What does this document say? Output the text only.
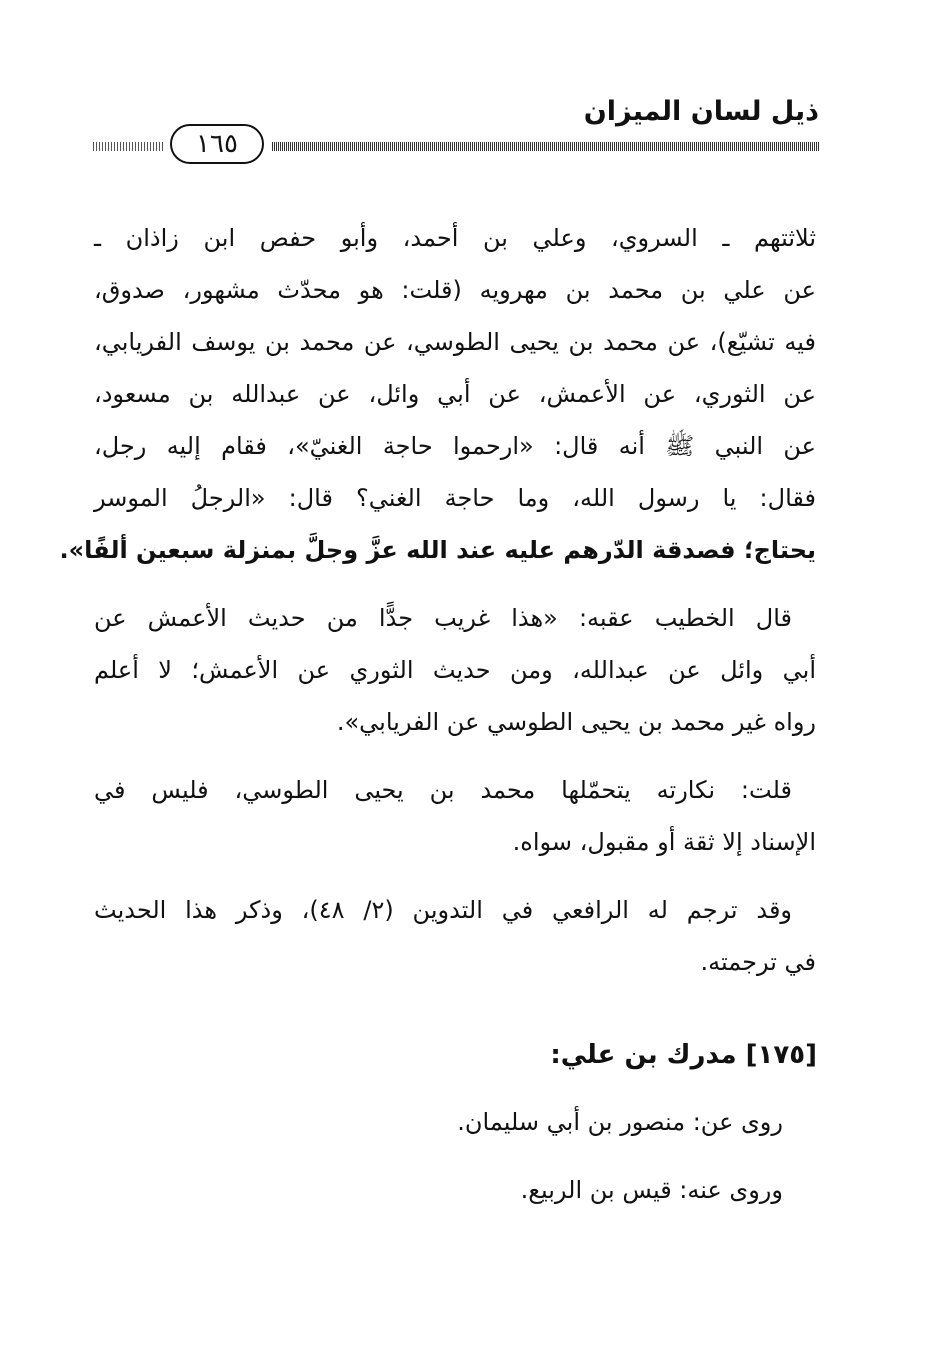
ذيل لسان الميزان
١٦٥

ثلاثتهم ـ السروي، وعلي بن أحمد، وأبو حفص ابن زاذان ـ
عن علي بن محمد بن مهرويه (قلت: هو محدّث مشهور، صدوق،
فيه تشيّع)، عن محمد بن يحيى الطوسي، عن محمد بن يوسف الفريابي،
عن الثوري، عن الأعمش، عن أبي وائل، عن عبدالله بن مسعود،
عن النبي ﷺ أنه قال: «ارحموا حاجة الغنيّ»، فقام إليه رجل،
فقال: يا رسول الله، وما حاجة الغني؟ قال: «الرجلُ الموسر
يحتاج؛ فصدقة الدّرهم عليه عند الله عزَّ وجلَّ بمنزلة سبعين ألفًا».

قال الخطيب عقبه: «هذا غريب جدًّا من حديث الأعمش عن

أبي وائل عن عبدالله، ومن حديث الثوري عن الأعمش؛ لا أعلم
رواه غير محمد بن يحيى الطوسي عن الفريابي».

قلت: نكارته يتحمّلها محمد بن يحيى الطوسي، فليس في

الإسناد إلا ثقة أو مقبول، سواه.

وقد ترجم له الرافعي في التدوين (٢/ ٤٨)، وذكر هذا الحديث

في ترجمته.

[١٧٥] مدرك بن علي:
روى عن: منصور بن أبي سليمان.
وروى عنه: قيس بن الربيع.
